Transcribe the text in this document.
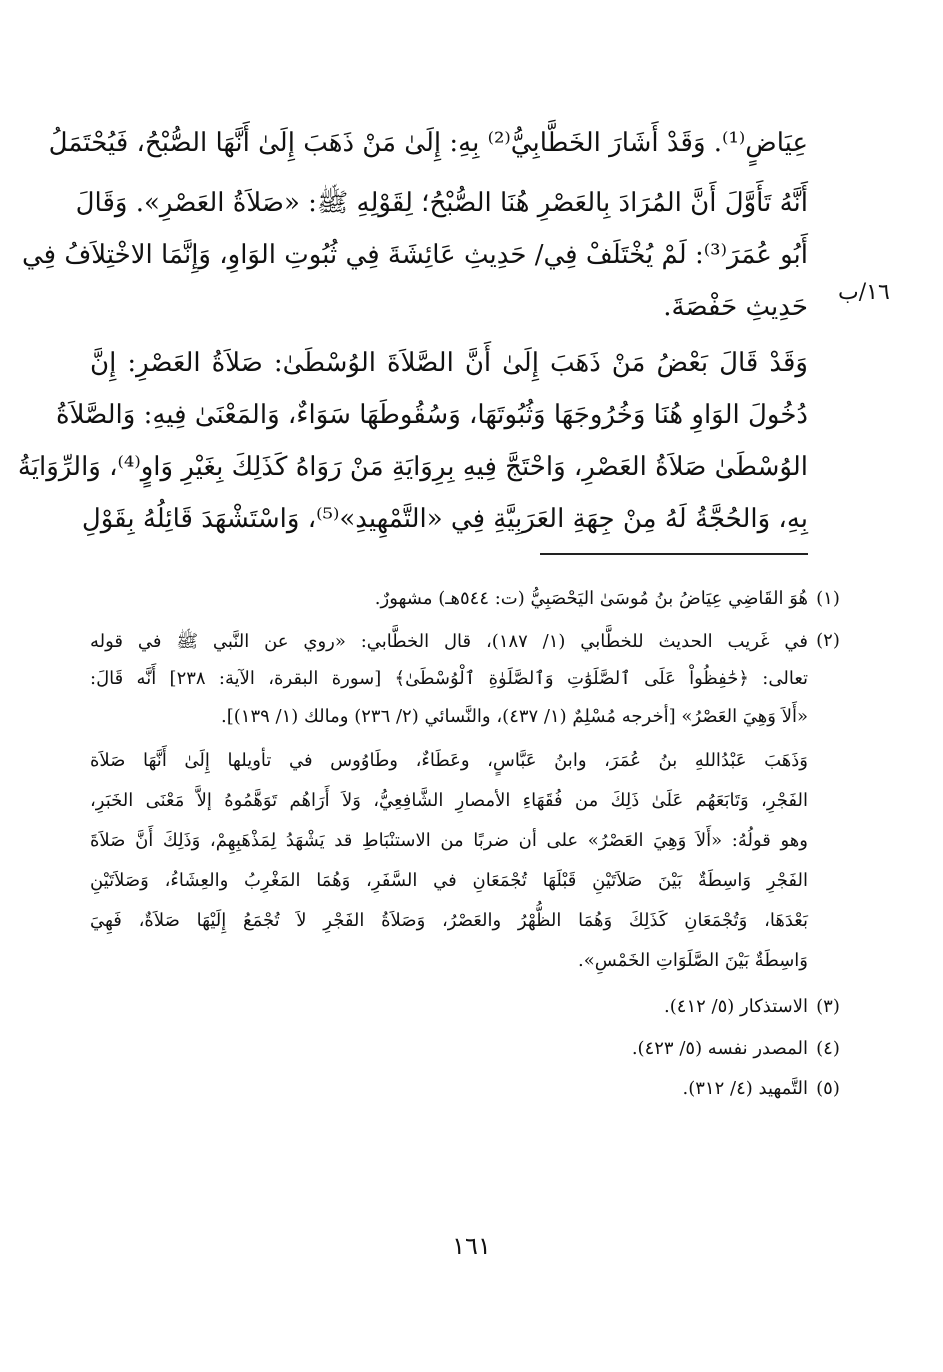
عِيَاضٍ⁽¹⁾. وَقَدْ أَشَارَ الخَطَّابِيُّ⁽²⁾ بِهِ: إِلَىٰ مَنْ ذَهَبَ إِلَىٰ أَنَّهَا الصُّبْحُ، فَيُحْتَمَلُ
أَنَّهُ تَأَوَّلَ أَنَّ المُرَادَ بِالعَصْرِ هُنَا الصُّبْحُ؛ لِقَوْلِهِ ﷺ: «صَلاَةُ العَصْرِ». وَقَالَ
أَبُو عُمَرَ⁽³⁾: لَمْ يُخْتَلَفْ فِي/ حَدِيثِ عَائِشَةَ فِي ثُبُوتِ الوَاوِ، وَإِنَّمَا الاخْتِلاَفُ فِي
حَدِيثِ حَفْصَةَ. ١٦/ب
وَقَدْ قَالَ بَعْضُ مَنْ ذَهَبَ إِلَىٰ أَنَّ الصَّلاَةَ الوُسْطَىٰ: صَلاَةُ العَصْرِ: إِنَّ
دُخُولَ الوَاوِ هُنَا وَخُرُوجَهَا وَثُبُوتَهَا، وَسُقُوطَهَا سَوَاءٌ، وَالمَعْنَىٰ فِيهِ: وَالصَّلاَةُ
الوُسْطَىٰ صَلاَةُ العَصْرِ، وَاحْتَجَّ فِيهِ بِرِوَايَةِ مَنْ رَوَاهُ كَذَلِكَ بِغَيْرِ وَاوٍ⁽⁴⁾، وَالرِّوَايَةُ
بِهِ، وَالحُجَّةُ لَهُ مِنْ جِهَةِ العَرَبِيَّةِ فِي «التَّمْهِيدِ»⁽⁵⁾، وَاسْتَشْهَدَ قَائِلُهُ بِقَوْلِ
(١)
هُوَ القَاضِي عِيَاضُ بنُ مُوسَىٰ اليَحْصَبِيُّ (ت: ٥٤٤هـ) مشهورٌ.
(٢)
في غَريب الحديث للخطَّابي (١/ ١٨٧)، قال الخطَّابي: «روي عن النَّبي ﷺ في قوله
تعالى: ﴿حَٰفِظُواْ عَلَى ٱلصَّلَوَٰتِ وَٱلصَّلَوٰةِ ٱلْوُسْطَىٰ﴾ [سورة البقرة، الآية: ٢٣٨] أَنَّه قَالَ:
«أَلاَ وَهِيَ العَصْرُ» [أخرجه مُسْلِمٌ (١/ ٤٣٧)، والنَّسائي (٢/ ٢٣٦) ومالك (١/ ١٣٩)].
وَذَهَبَ عَبْدُاللهِ بنُ عُمَرَ، وابنُ عَبَّاسٍ، وعَطَاءٌ، وطَاوُوس في تأويلها إِلَىٰ أَنَّهَا صَلاَة
الفَجْرِ، وَتَابَعَهُم عَلَىٰ ذَلِكَ من فُقَهَاءِ الأمصارِ الشَّافِعِيُّ، وَلاَ أَرَاهُم تَوَهَّمُوهُ إلاَّ مَعْنَى الخَبَرِ،
وهو قولُهُ: «أَلاَ وَهِيَ العَصْرُ» على أن ضربًا من الاستنْبَاطِ قد يَشْهَدُ لِمَذْهَبِهِمْ، وَذَلِكَ أَنَّ صَلاَةَ
الفَجْرِ وَاسِطَةٌ بَيْنَ صَلاَتَيْنِ قَبْلَهَا تُجْمَعَانِ في السَّفَرِ، وَهُمَا المَغْرِبُ والعِشَاءُ، وَصَلاَتَيْنِ
بَعْدَهَا، وَتُجْمَعَانِ كَذَلِكَ وَهُمَا الظُّهْرُ والعَصْرُ، وَصَلاَةُ الفَجْرِ لاَ تُجْمَعُ إِلَيْهَا صَلاَةٌ، فَهِيَ
وَاسِطَةٌ بَيْنَ الصَّلَوَاتِ الخَمْسِ».
(٣)
الاستذكار (٥/ ٤١٢).
(٤)
المصدر نفسه (٥/ ٤٢٣).
(٥)
التَّمهيد (٤/ ٣١٢).
١٦١
